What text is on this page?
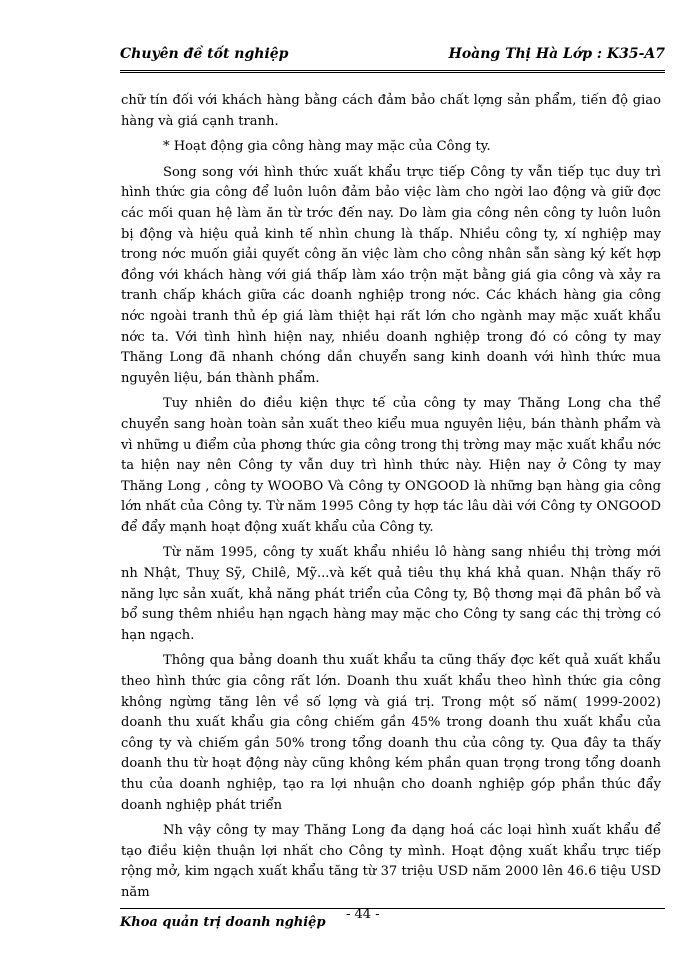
Chuyên đề tốt nghiệp	Hoàng Thị Hà Lớp : K35-A7

chữ tín đối với khách hàng bằng cách đảm bảo chất lợng sản phẩm, tiến độ giao hàng và giá cạnh tranh.

* Hoạt động gia công hàng may mặc của Công ty.

Song song với hình thức xuất khẩu trực tiếp Công ty vẫn tiếp tục duy trì hình thức gia công để luôn luôn đảm bảo việc làm cho ngời lao động và giữ đợc các mối quan hệ làm ăn từ trớc đến nay. Do làm gia công nên công ty luôn luôn bị động và hiệu quả kinh tế nhìn chung là thấp. Nhiều công ty, xí nghiệp may trong nớc muốn giải quyết công ăn việc làm cho công nhân sẵn sàng ký kết hợp đồng với khách hàng với giá thấp làm xáo trộn mặt bằng giá gia công và xảy ra tranh chấp khách giữa các doanh nghiệp trong nớc. Các khách hàng gia công nớc ngoài tranh thủ ép giá làm thiệt hại rất lớn cho ngành may mặc xuất khẩu nớc ta. Với tình hình hiện nay, nhiều doanh nghiệp trong đó có công ty may Thăng Long đã nhanh chóng dần chuyển sang kinh doanh với hình thức mua nguyên liệu, bán thành phẩm.

Tuy nhiên do điều kiện thực tế của công ty may Thăng Long cha thể chuyển sang hoàn toàn sản xuất theo kiểu mua nguyên liệu, bán thành phẩm và vì những u điểm của phơng thức gia công trong thị trờng may mặc xuất khẩu nớc ta hiện nay nên Công ty vẫn duy trì hình thức này. Hiện nay ở Công ty may Thăng Long , công ty WOOBO Và Công ty ONGOOD là những bạn hàng gia công lớn nhất của Công ty. Từ năm 1995 Công ty hợp tác lâu dài với Công ty ONGOOD để đẩy mạnh hoạt động xuất khẩu của Công ty.

Từ năm 1995, công ty xuất khẩu nhiều lô hàng sang nhiều thị trờng mới nh Nhật, Thuỵ Sỹ, Chilê, Mỹ...và kết quả tiêu thụ khá khả quan. Nhận thấy rõ năng lực sản xuất, khả năng phát triển của Công ty, Bộ thơng mại đã phân bổ và bổ sung thêm nhiều hạn ngạch hàng may mặc cho Công ty sang các thị trờng có hạn ngạch.

Thông qua bảng doanh thu xuất khẩu ta cũng thấy đợc kết quả xuất khẩu theo hình thức gia công rất lớn. Doanh thu xuất khẩu theo hình thức gia công không ngừng tăng lên về số lợng và giá trị. Trong một số năm( 1999-2002) doanh thu xuất khẩu gia công chiếm gần 45% trong doanh thu xuất khẩu của công ty và chiếm gần 50% trong tổng doanh thu của công ty. Qua đây ta thấy doanh thu từ hoạt động này cũng không kém phần quan trọng trong tổng doanh thu của doanh nghiệp, tạo ra lợi nhuận cho doanh nghiệp góp phần thúc đẩy doanh nghiệp phát triển

Nh vậy công ty may Thăng Long đa dạng hoá các loại hình xuất khẩu để tạo điều kiện thuận lợi nhất cho Công ty mình. Hoạt động xuất khẩu trực tiếp rộng mở, kim ngạch xuất khẩu tăng từ 37 triệu USD năm 2000 lên 46.6 tiệu USD năm

Khoa quản trị doanh nghiệp
- 44 -
